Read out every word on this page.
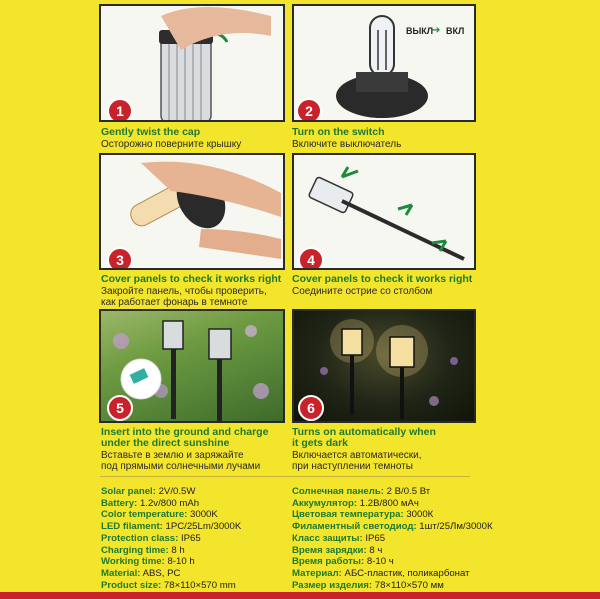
1
Gently twist the cap
Осторожно поверните крышку
ВЫКЛ
➔ ВКЛ
2
Turn on the switch
Включите выключатель
3
Cover panels to check it works right
Закройте панель, чтобы проверить,
как работает фонарь в темноте
4
Cover panels to check it works right
Соедините острие со столбом
5
Insert into the ground and charge
under the direct sunshine
Вставьте в землю и заряжайте
под прямыми солнечными лучами
6
Turns on automatically when
it gets dark
Включается автоматически,
при наступлении темноты
Solar panel: 2V/0.5W
Battery: 1.2v/800 mAh
Color temperature: 3000K
LED filament: 1PC/25Lm/3000K
Protection class: IP65
Charging time: 8 h
Working time: 8-10 h
Material: ABS, PC
Product size: 78×110×570 mm
Солнечная панель: 2 В/0.5 Вт
Аккумулятор: 1.2В/800 мАч
Цветовая температура: 3000К
Филаментный светодиод: 1шт/25Лм/3000К
Класс защиты: IP65
Время зарядки: 8 ч
Время работы: 8-10 ч
Материал: АБС-пластик, поликарбонат
Размер изделия: 78×110×570 мм
